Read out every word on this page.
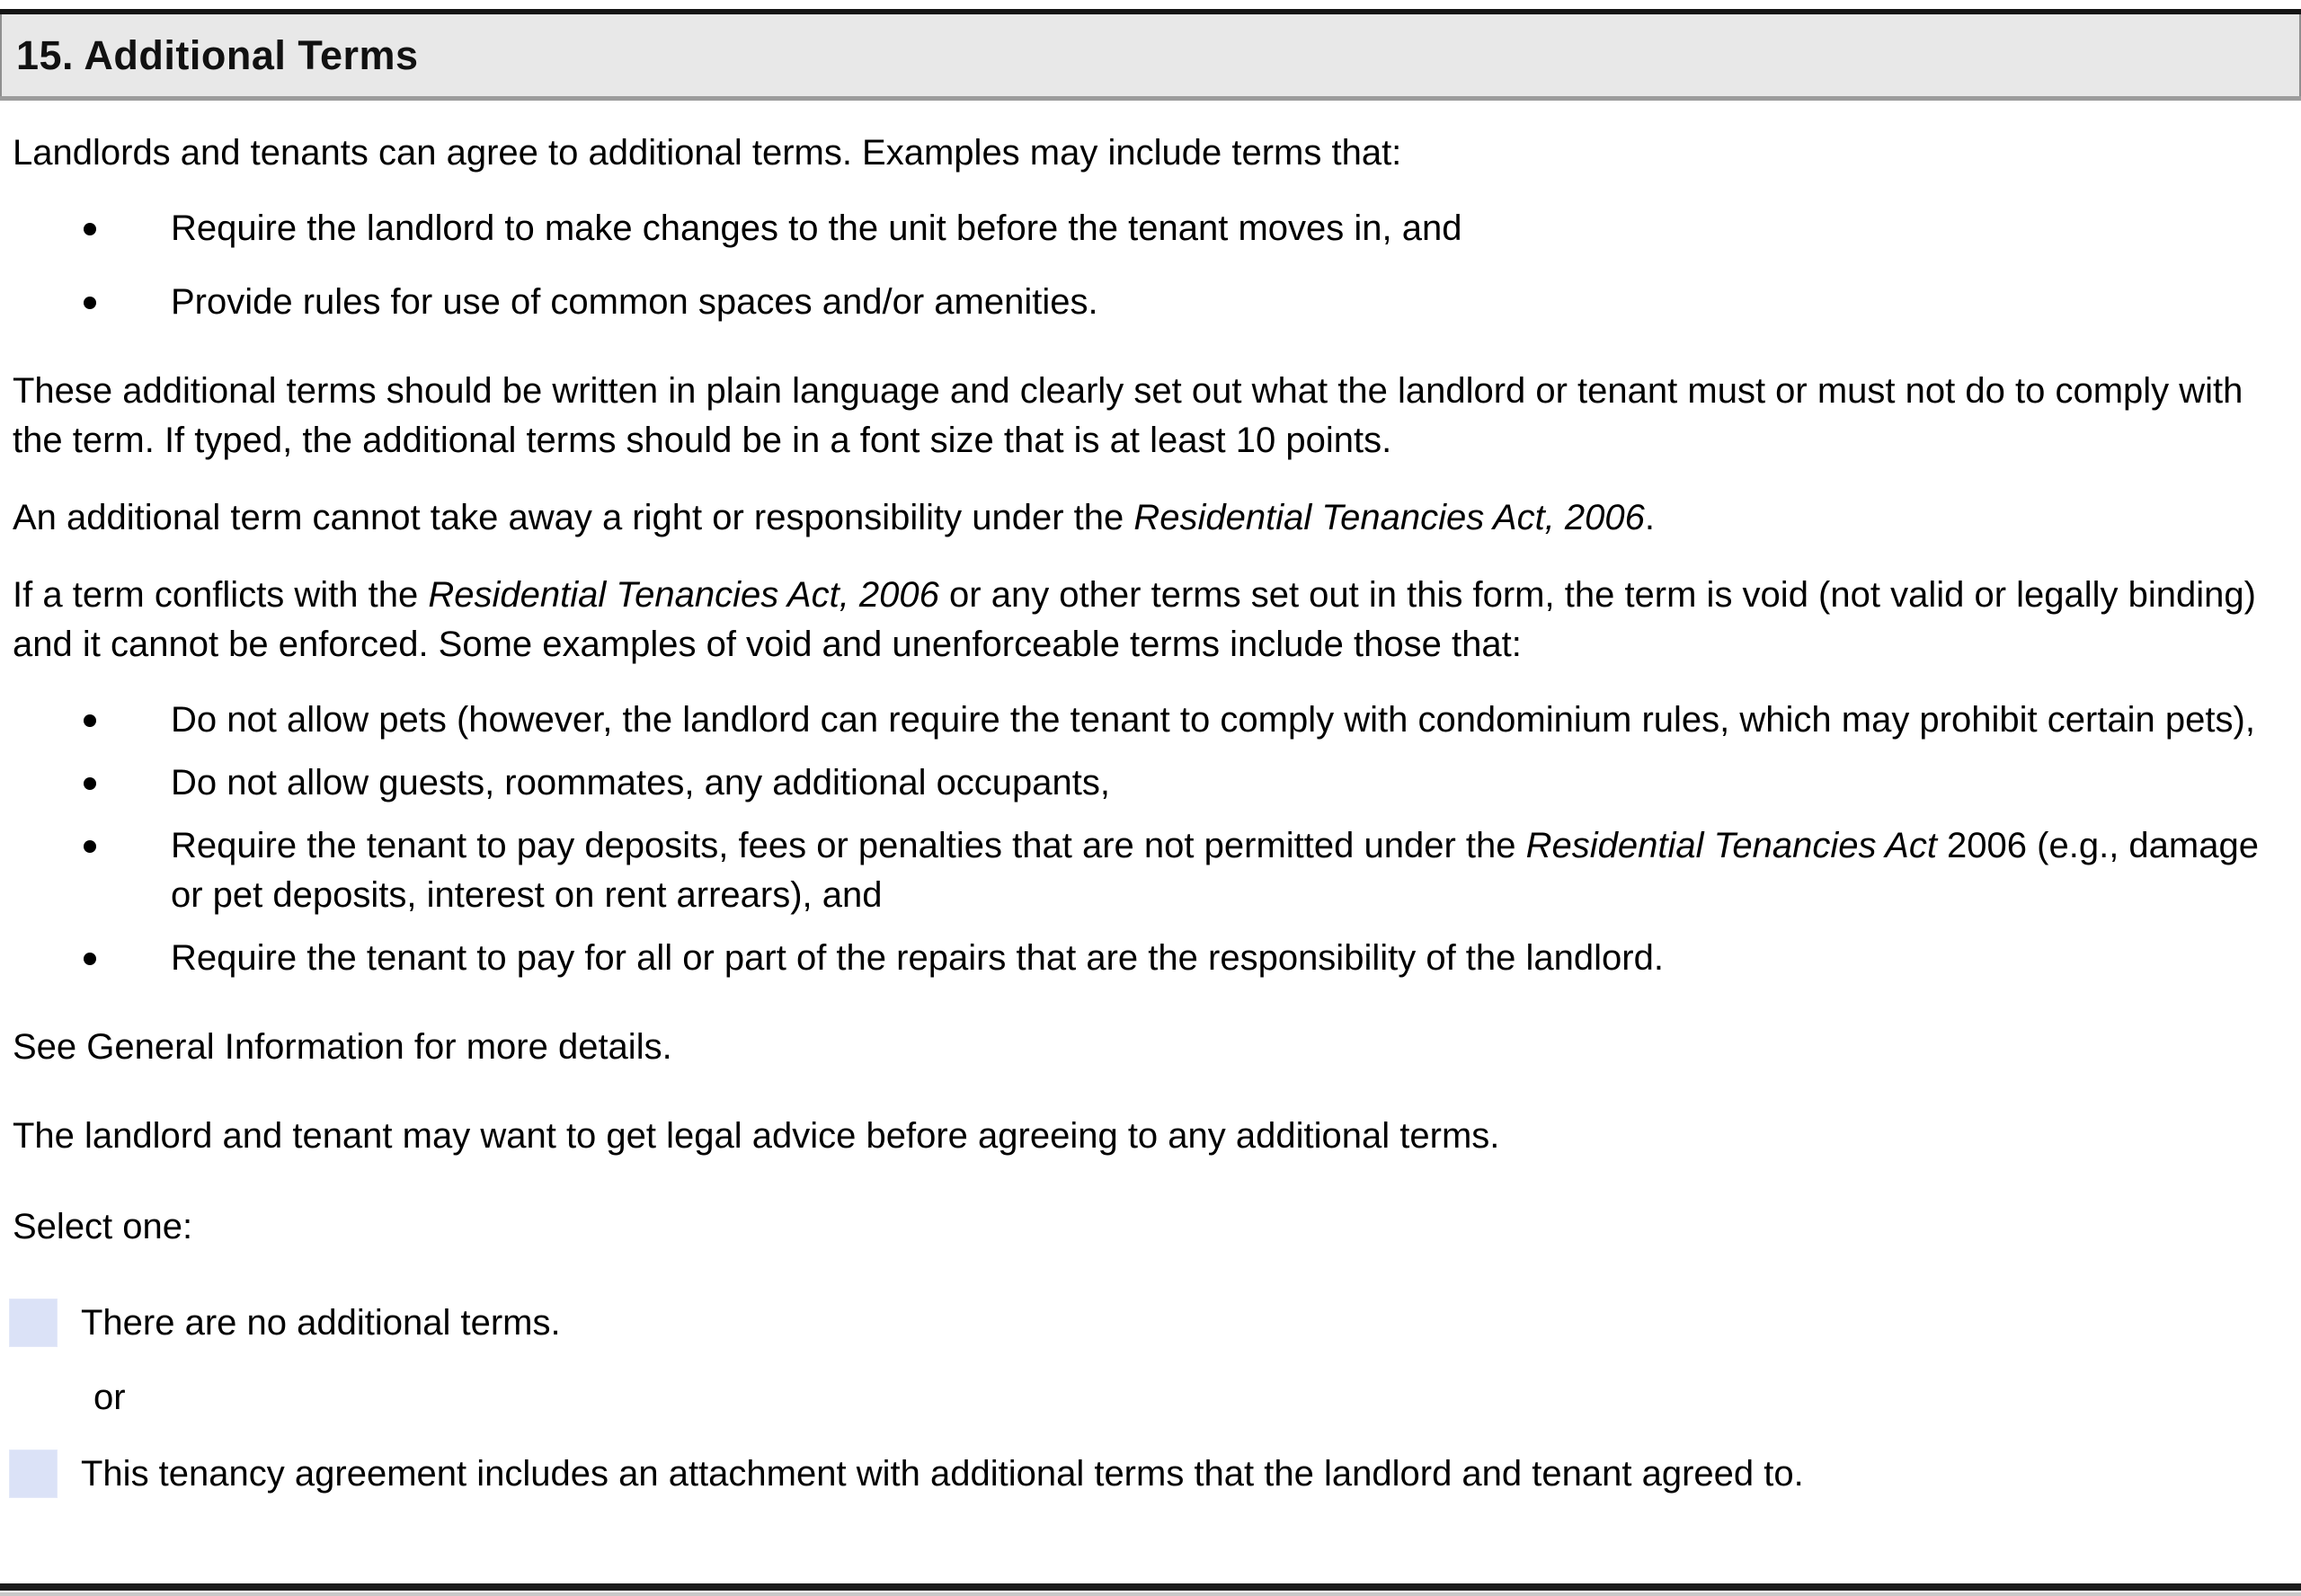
15. Additional Terms

Landlords and tenants can agree to additional terms. Examples may include terms that:

Require the landlord to make changes to the unit before the tenant moves in, and
Provide rules for use of common spaces and/or amenities.

These additional terms should be written in plain language and clearly set out what the landlord or tenant must or must not do to comply with the term. If typed, the additional terms should be in a font size that is at least 10 points.

An additional term cannot take away a right or responsibility under the Residential Tenancies Act, 2006.

If a term conflicts with the Residential Tenancies Act, 2006 or any other terms set out in this form, the term is void (not valid or legally binding) and it cannot be enforced. Some examples of void and unenforceable terms include those that:

Do not allow pets (however, the landlord can require the tenant to comply with condominium rules, which may prohibit certain pets),
Do not allow guests, roommates, any additional occupants,
Require the tenant to pay deposits, fees or penalties that are not permitted under the Residential Tenancies Act 2006 (e.g., damage or pet deposits, interest on rent arrears), and
Require the tenant to pay for all or part of the repairs that are the responsibility of the landlord.

See General Information for more details.

The landlord and tenant may want to get legal advice before agreeing to any additional terms.

Select one:

There are no additional terms.

or

This tenancy agreement includes an attachment with additional terms that the landlord and tenant agreed to.
